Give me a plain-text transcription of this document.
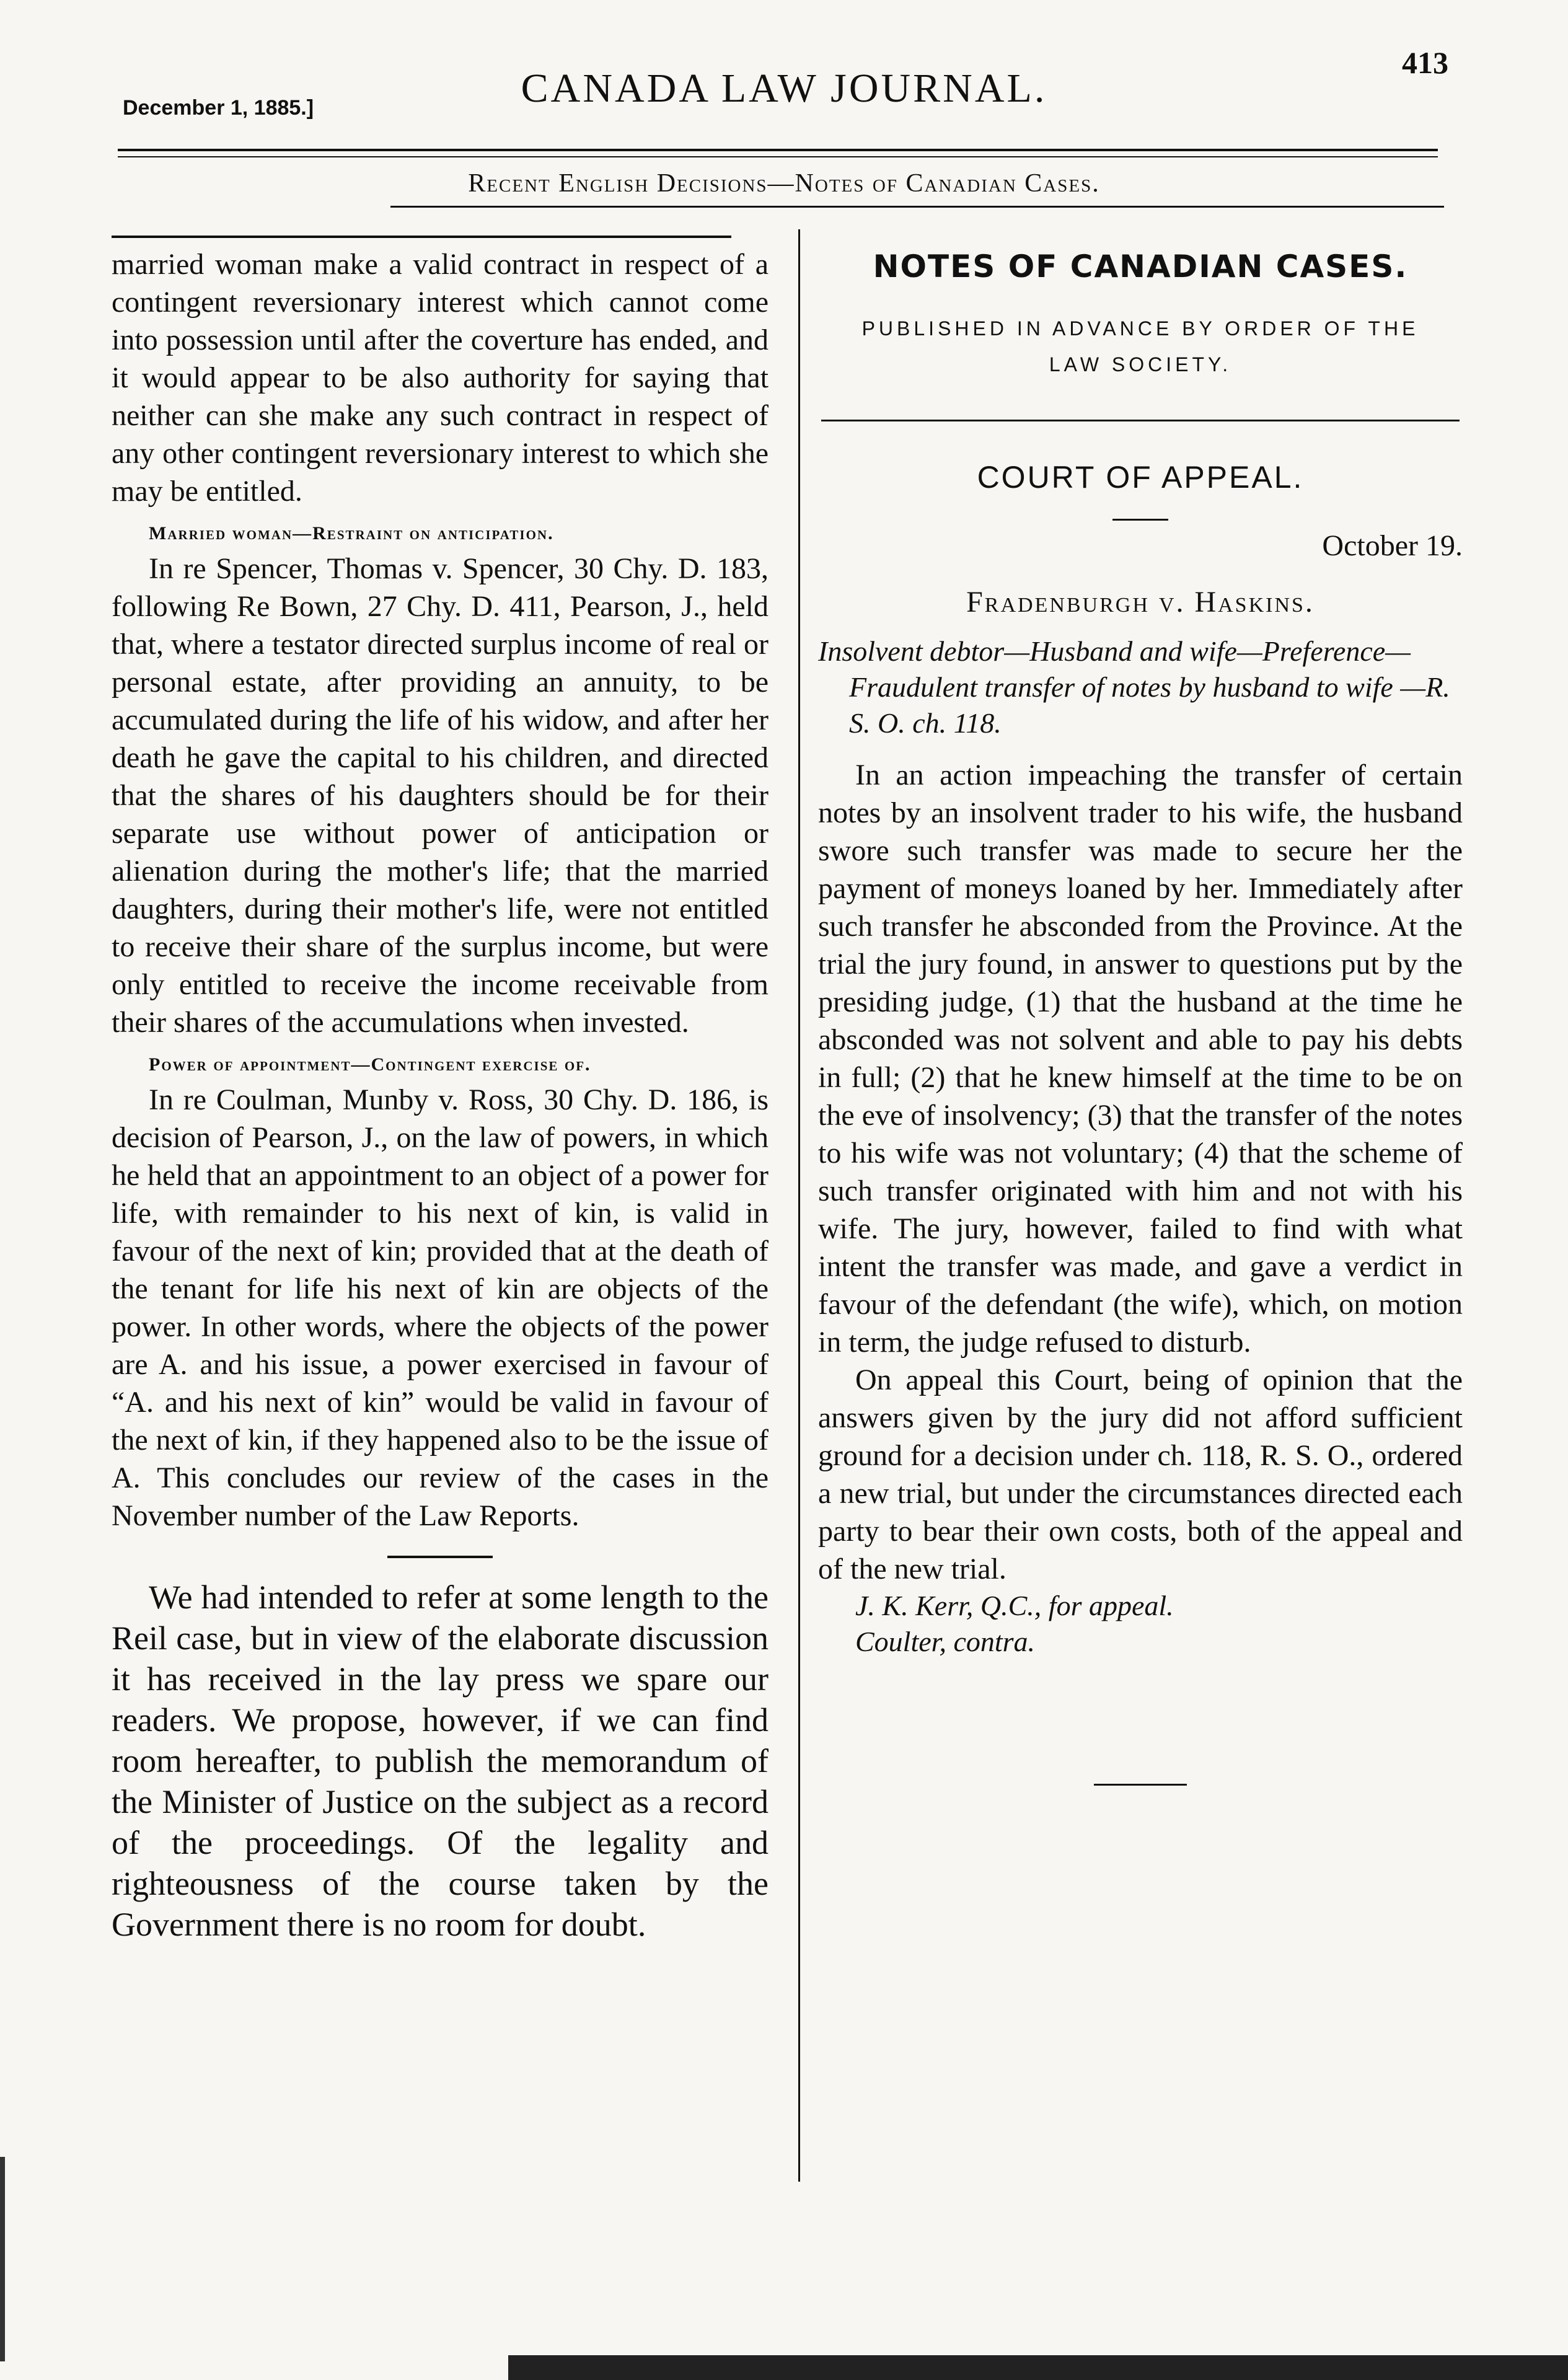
December 1, 1885.]	CANADA LAW JOURNAL.
413
Recent English Decisions—Notes of Canadian Cases.

married woman make a valid contract in respect of a contingent reversionary interest which cannot come into possession until after the coverture has ended, and it would appear to be also authority for saying that neither can she make any such contract in respect of any other contingent reversionary interest to which she may be entitled.

Married woman—Restraint on anticipation.

In re Spencer, Thomas v. Spencer, 30 Chy. D. 183, following Re Bown, 27 Chy. D. 411, Pearson, J., held that, where a testator directed surplus income of real or personal estate, after providing an annuity, to be accumulated during the life of his widow, and after her death he gave the capital to his children, and directed that the shares of his daughters should be for their separate use without power of anticipation or alienation during the mother's life; that the married daughters, during their mother's life, were not entitled to receive their share of the surplus income, but were only entitled to receive the income receivable from their shares of the accumulations when invested.

Power of appointment—Contingent exercise of.

In re Coulman, Munby v. Ross, 30 Chy. D. 186, is decision of Pearson, J., on the law of powers, in which he held that an appointment to an object of a power for life, with remainder to his next of kin, is valid in favour of the next of kin; provided that at the death of the tenant for life his next of kin are objects of the power. In other words, where the objects of the power are A. and his issue, a power exercised in favour of “A. and his next of kin” would be valid in favour of the next of kin, if they happened also to be the issue of A. This concludes our review of the cases in the November number of the Law Reports.

We had intended to refer at some length to the Reil case, but in view of the elaborate discussion it has received in the lay press we spare our readers. We propose, however, if we can find room hereafter, to publish the memorandum of the Minister of Justice on the subject as a record of the proceedings. Of the legality and righteousness of the course taken by the Government there is no room for doubt.

NOTES OF CANADIAN CASES.
PUBLISHED IN ADVANCE BY ORDER OF THE
LAW SOCIETY.
COURT OF APPEAL.
October 19.
Fradenburgh v. Haskins.

Insolvent debtor—Husband and wife—Preference—Fraudulent transfer of notes by husband to wife —R. S. O. ch. 118.

In an action impeaching the transfer of certain notes by an insolvent trader to his wife, the husband swore such transfer was made to secure her the payment of moneys loaned by her. Immediately after such transfer he absconded from the Province. At the trial the jury found, in answer to questions put by the presiding judge, (1) that the husband at the time he absconded was not solvent and able to pay his debts in full; (2) that he knew himself at the time to be on the eve of insolvency; (3) that the transfer of the notes to his wife was not voluntary; (4) that the scheme of such transfer originated with him and not with his wife. The jury, however, failed to find with what intent the transfer was made, and gave a verdict in favour of the defendant (the wife), which, on motion in term, the judge refused to disturb.

On appeal this Court, being of opinion that the answers given by the jury did not afford sufficient ground for a decision under ch. 118, R. S. O., ordered a new trial, but under the circumstances directed each party to bear their own costs, both of the appeal and of the new trial.

J. K. Kerr, Q.C., for appeal.

Coulter, contra.
